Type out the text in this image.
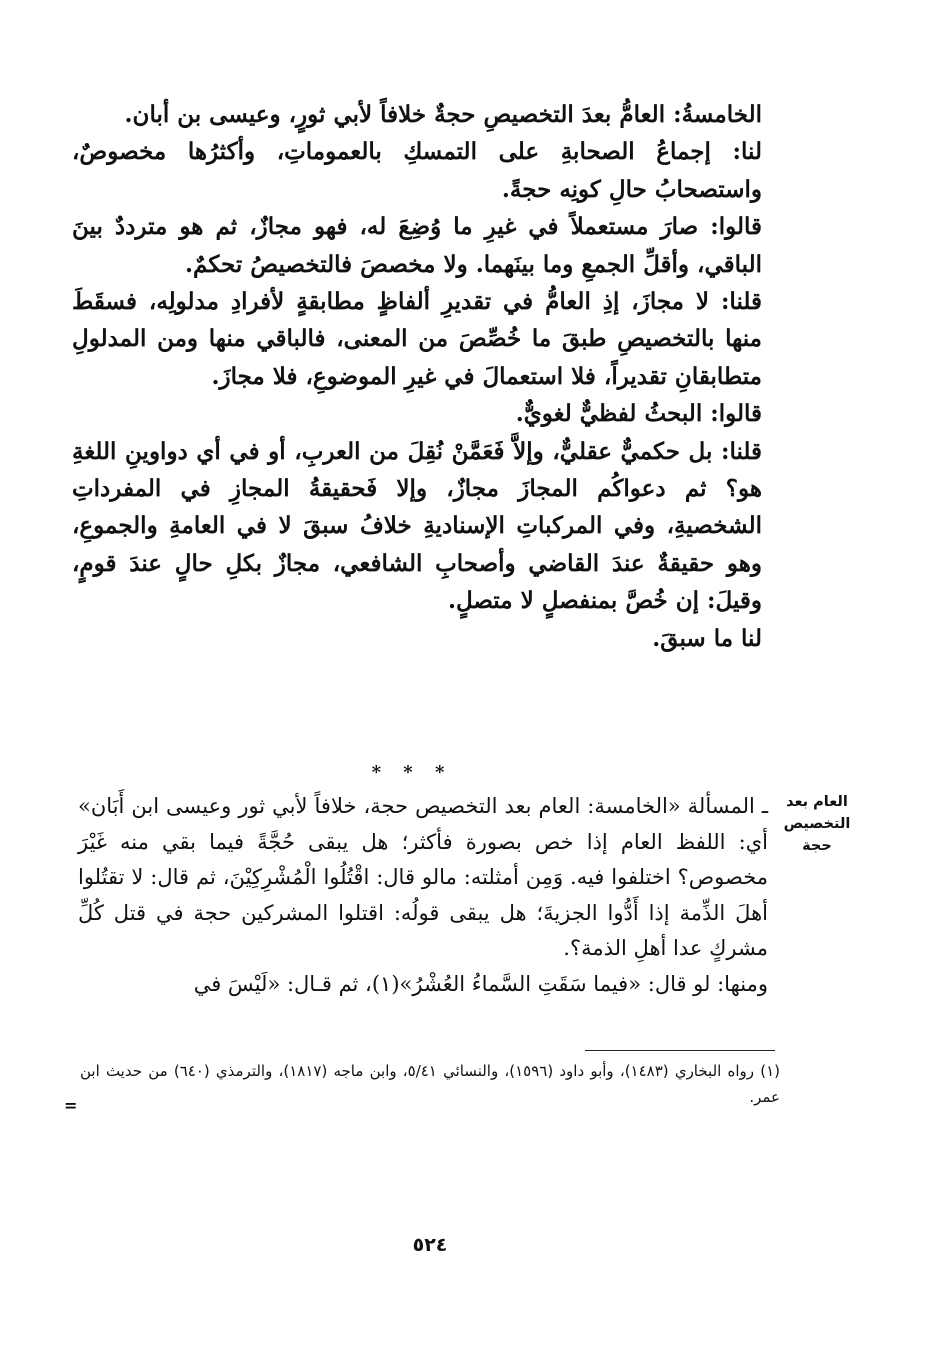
الخامسةُ: العامُّ بعدَ التخصيصِ حجةٌ خلافاً لأبي ثورٍ، وعيسى بن أبان.

لنا: إجماعُ الصحابةِ على التمسكِ بالعموماتِ، وأكثرُها مخصوصٌ، واستصحابُ حالِ كونِه حجةً.

قالوا: صارَ مستعملاً في غيرِ ما وُضِعَ له، فهو مجازٌ، ثم هو مترددٌ بينَ الباقي، وأقلِّ الجمعِ وما بينَهما. ولا مخصصَ فالتخصيصُ تحكمٌ.

قلنا: لا مجازَ، إذِ العامُّ في تقديرِ ألفاظٍ مطابقةٍ لأفرادِ مدلولِه، فسقَطَ منها بالتخصيصِ طبقَ ما خُصِّصَ من المعنى، فالباقي منها ومن المدلولِ متطابقانِ تقديراً، فلا استعمالَ في غيرِ الموضوعِ، فلا مجازَ.

قالوا: البحثُ لفظيٌّ لغويٌّ.

قلنا: بل حكميٌّ عقليٌّ، وإلاَّ فَعَمَّنْ نُقِلَ من العربِ، أو في أي دواوينِ اللغةِ هو؟ ثم دعواكُم المجازَ مجازٌ، وإلا فَحقيقةُ المجازِ في المفرداتِ الشخصيةِ، وفي المركباتِ الإسناديةِ خلافُ سبقَ لا في العامةِ والجموعِ، وهو حقيقةٌ عندَ القاضي وأصحابِ الشافعي، مجازٌ بكلِ حالٍ عندَ قومٍ، وقيلَ: إن خُصَّ بمنفصلٍ لا متصلٍ.

لنا ما سبقَ.

* * *
العام بعد
التخصيص
حجة

ـ المسألة «الخامسة: العام بعد التخصيص حجة، خلافاً لأبي ثور وعيسى ابن أَبَان» أي: اللفظ العام إذا خص بصورة فأكثر؛ هل يبقى حُجَّةً فيما بقي منه غَيْرَ مخصوص؟ اختلفوا فيه. وَمِن أمثلته: مالو قال: اقْتُلُوا الْمُشْرِكِيْنَ، ثم قال: لا تقتُلوا أهلَ الذِّمة إذا أَدُّوا الجزيةَ؛ هل يبقى قولُه: اقتلوا المشركين حجة في قتل كُلِّ مشركٍ عدا أهلِ الذمة؟.

ومنها: لو قال: «فيما سَقَتِ السَّماءُ العُشْرُ»(١)، ثم قـال: «لَيْسَ في

(١) رواه البخاري (١٤٨٣)، وأبو داود (١٥٩٦)، والنسائي ٥/٤١، وابن ماجه (١٨١٧)، والترمذي (٦٤٠) من حديث ابن عمر.

=
٥٢٤
